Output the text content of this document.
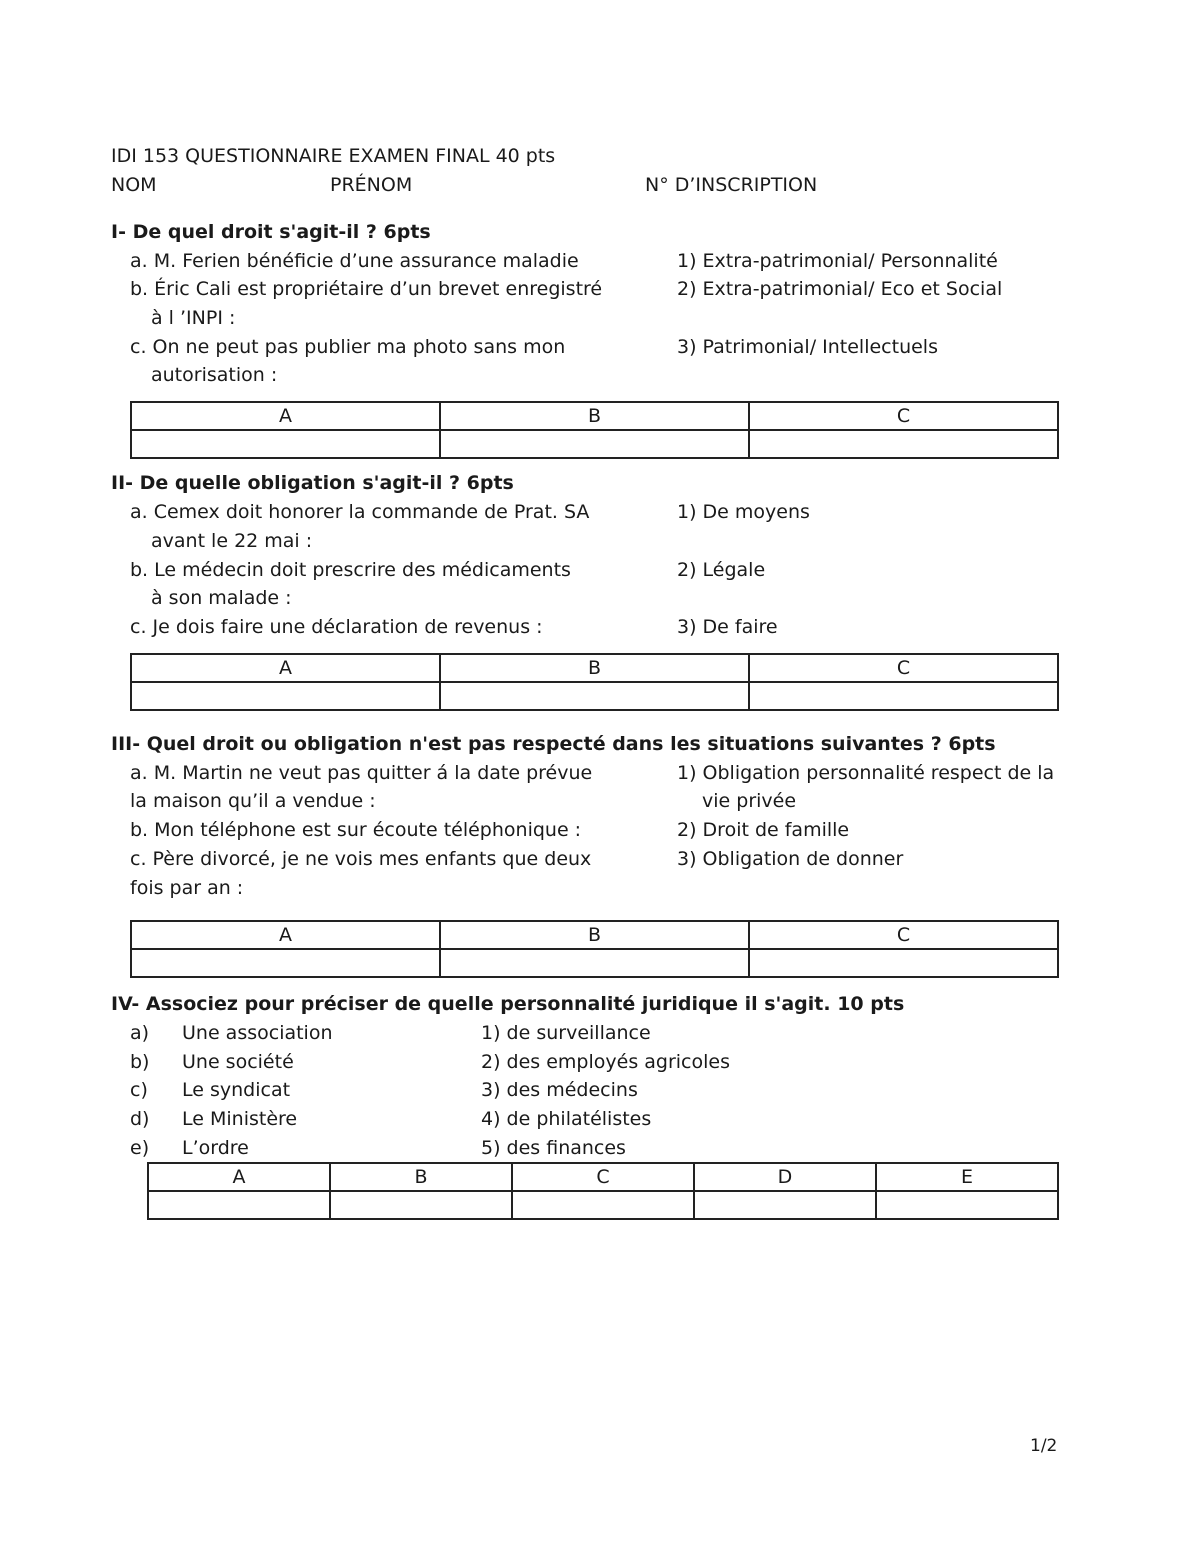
IDI 153 QUESTIONNAIRE EXAMEN FINAL 40 pts
NOM	PRÉNOM	N° D’INSCRIPTION
I- De quel droit s'agit-il ? 6pts
a. M. Ferien bénéficie d’une assurance maladie
b. Éric Cali est propriétaire d’un brevet enregistré
à l ’INPI :
c. On ne peut pas publier ma photo sans mon
autorisation :
1) Extra-patrimonial/ Personnalité
2) Extra-patrimonial/ Eco et Social
3) Patrimonial/ Intellectuels
A	B	C

II- De quelle obligation s'agit-il ? 6pts
a. Cemex doit honorer la commande de Prat. SA
avant le 22 mai :
b. Le médecin doit prescrire des médicaments
à son malade :
c. Je dois faire une déclaration de revenus :
1) De moyens
2) Légale
3) De faire
A	B	C

III- Quel droit ou obligation n'est pas respecté dans les situations suivantes ? 6pts
a. M. Martin ne veut pas quitter á la date prévue
la maison qu’il a vendue :
b. Mon téléphone est sur écoute téléphonique :
c. Père divorcé, je ne vois mes enfants que deux
fois par an :
1) Obligation personnalité respect de la
vie privée
2) Droit de famille
3) Obligation de donner
A	B	C

IV- Associez pour préciser de quelle personnalité juridique il s'agit. 10 pts
a) Une association	1) de surveillance
b) Une société	2) des employés agricoles
c) Le syndicat	3) des médecins
d) Le Ministère	4) de philatélistes
e) L’ordre	5) des finances
A	B	C	D	E

1/2
